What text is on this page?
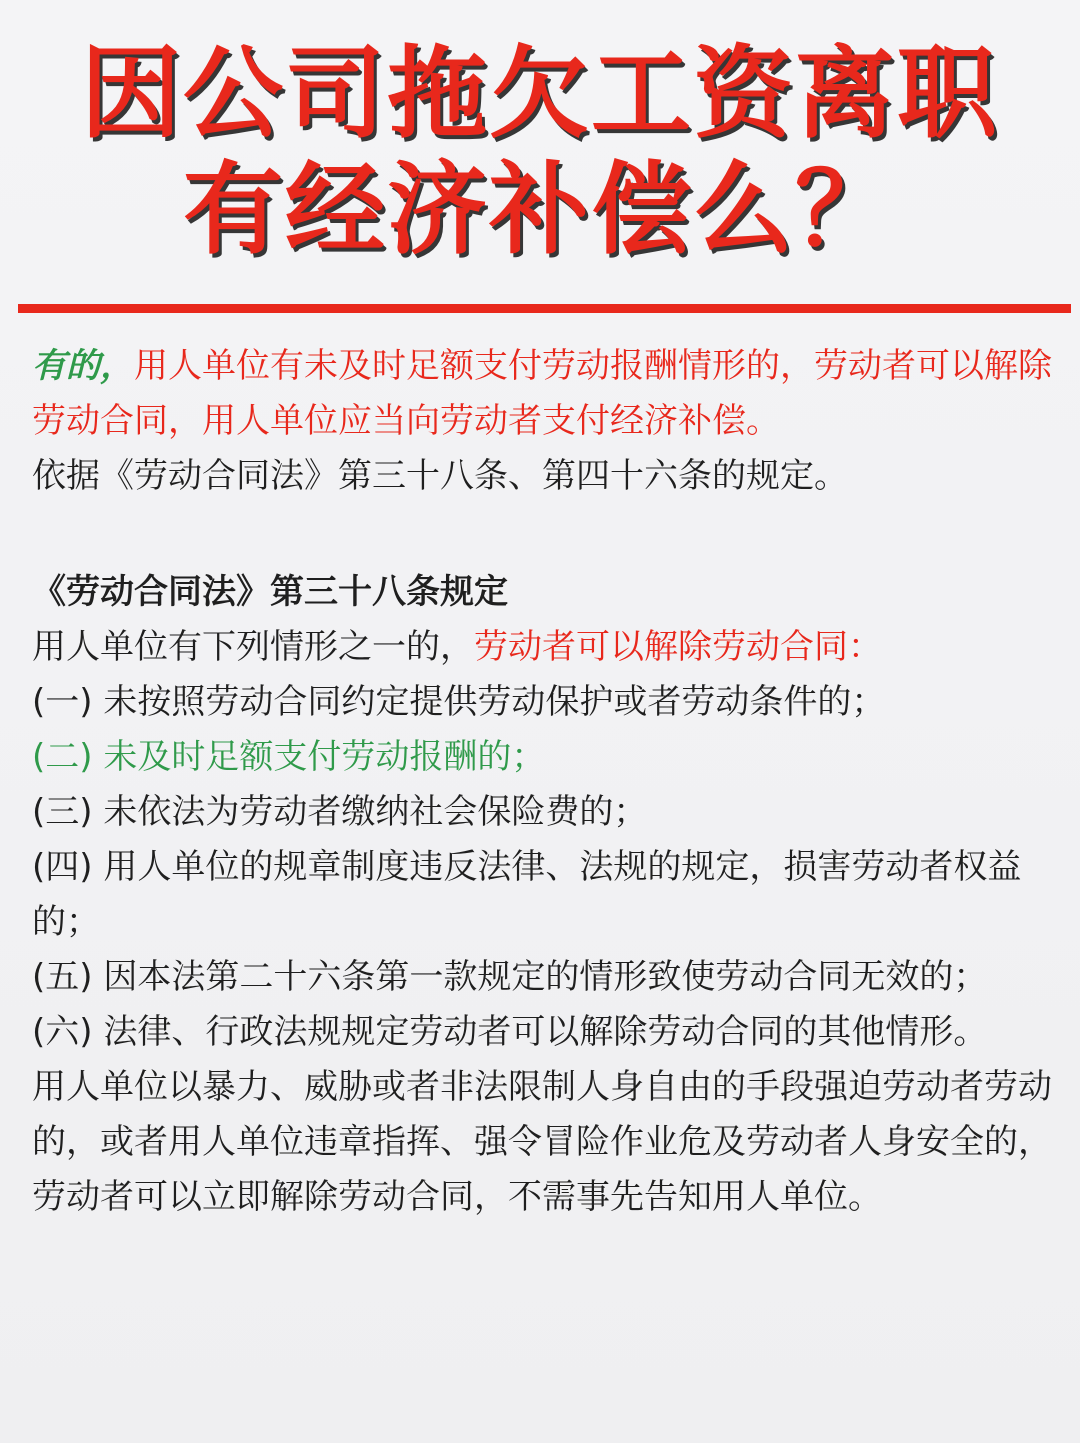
因公司拖欠工资离职
有经济补偿么？

有的，用人单位有未及时足额支付劳动报酬情形的，劳动者可以解除劳动合同，用人单位应当向劳动者支付经济补偿。

依据《劳动合同法》第三十八条、第四十六条的规定。

《劳动合同法》第三十八条规定

用人单位有下列情形之一的，劳动者可以解除劳动合同：

(一) 未按照劳动合同约定提供劳动保护或者劳动条件的；

(二) 未及时足额支付劳动报酬的；

(三) 未依法为劳动者缴纳社会保险费的；

(四) 用人单位的规章制度违反法律、法规的规定，损害劳动者权益的；

(五) 因本法第二十六条第一款规定的情形致使劳动合同无效的；

(六) 法律、行政法规规定劳动者可以解除劳动合同的其他情形。

用人单位以暴力、威胁或者非法限制人身自由的手段强迫劳动者劳动的，或者用人单位违章指挥、强令冒险作业危及劳动者人身安全的，劳动者可以立即解除劳动合同，不需事先告知用人单位。
